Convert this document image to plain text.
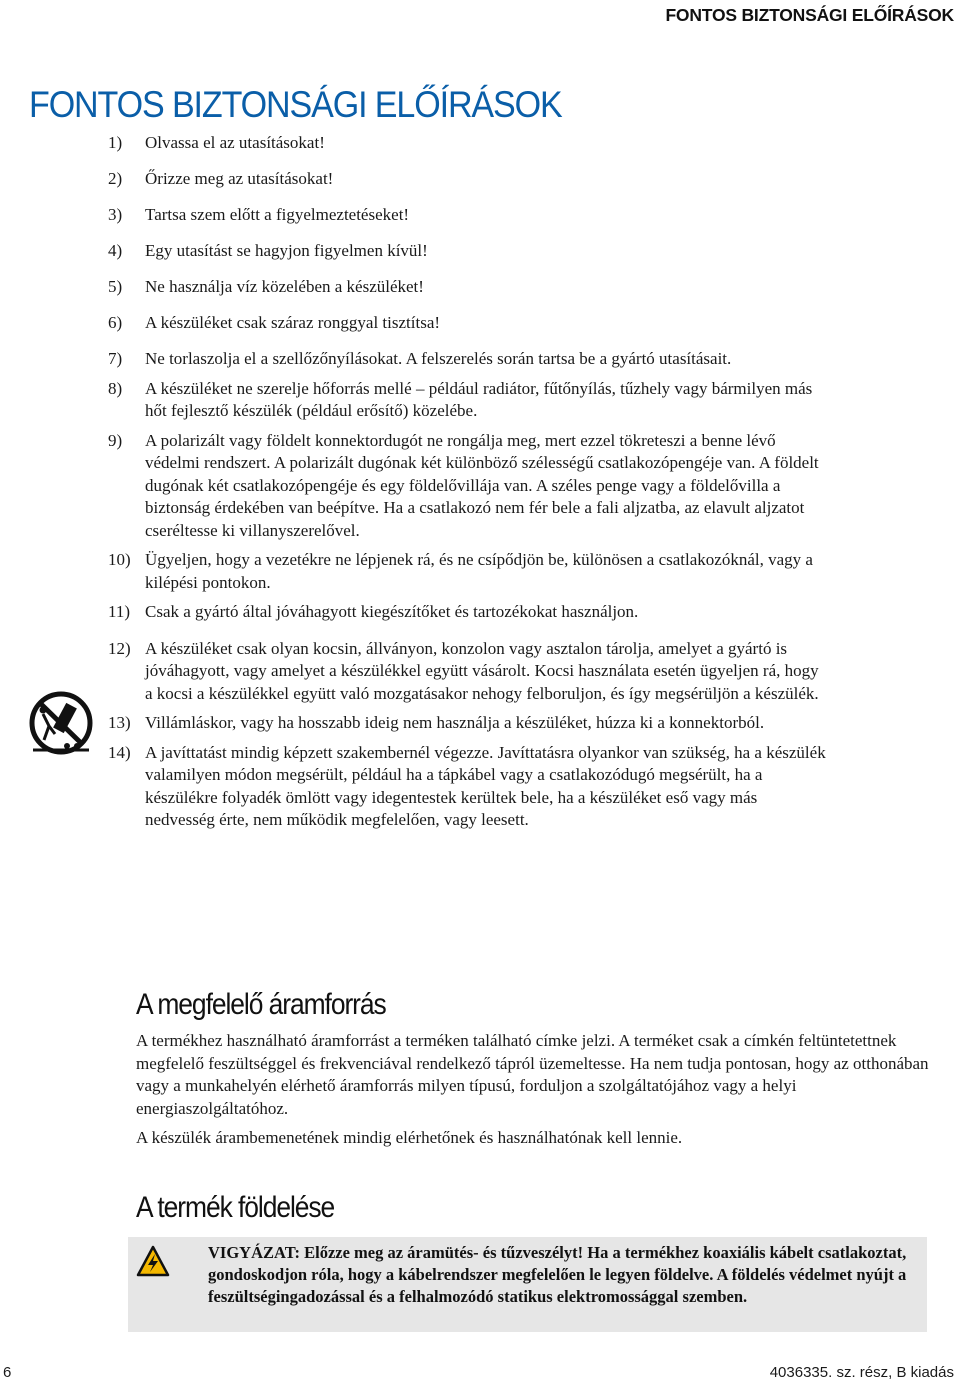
FONTOS BIZTONSÁGI ELŐÍRÁSOK
FONTOS BIZTONSÁGI ELŐÍRÁSOK
1) Olvassa el az utasításokat!
2) Őrizze meg az utasításokat!
3) Tartsa szem előtt a figyelmeztetéseket!
4) Egy utasítást se hagyjon figyelmen kívül!
5) Ne használja víz közelében a készüléket!
6) A készüléket csak száraz ronggyal tisztítsa!
7) Ne torlaszolja el a szellőzőnyílásokat. A felszerelés során tartsa be a gyártó utasításait.
8) A készüléket ne szerelje hőforrás mellé – például radiátor, fűtőnyílás, tűzhely vagy bármilyen más hőt fejlesztő készülék (például erősítő) közelébe.
9) A polarizált vagy földelt konnektordugót ne rongálja meg, mert ezzel tökreteszi a benne lévő védelmi rendszert. A polarizált dugónak két különböző szélességű csatlakozópengéje van. A földelt dugónak két csatlakozópengéje és egy földelővillája van. A széles penge vagy a földelővilla a biztonság érdekében van beépítve. Ha a csatlakozó nem fér bele a fali aljzatba, az elavult aljzatot cseréltesse ki villanyszerelővel.
10) Ügyeljen, hogy a vezetékre ne lépjenek rá, és ne csípődjön be, különösen a csatlakozóknál, vagy a kilépési pontokon.
11) Csak a gyártó által jóváhagyott kiegészítőket és tartozékokat használjon.
12) A készüléket csak olyan kocsin, állványon, konzolon vagy asztalon tárolja, amelyet a gyártó is jóváhagyott, vagy amelyet a készülékkel együtt vásárolt. Kocsi használata esetén ügyeljen rá, hogy a kocsi a készülékkel együtt való mozgatásakor nehogy felboruljon, és így megsérüljön a készülék.
13) Villámláskor, vagy ha hosszabb ideig nem használja a készüléket, húzza ki a konnektorból.
14) A javíttatást mindig képzett szakembernél végezze. Javíttatásra olyankor van szükség, ha a készülék valamilyen módon megsérült, például ha a tápkábel vagy a csatlakozódugó megsérült, ha a készülékre folyadék ömlött vagy idegentestek kerültek bele, ha a készüléket eső vagy más nedvesség érte, nem működik megfelelően, vagy leesett.
A megfelelő áramforrás

A termékhez használható áramforrást a terméken található címke jelzi. A terméket csak a címkén feltüntetettnek megfelelő feszültséggel és frekvenciával rendelkező tápról üzemeltesse. Ha nem tudja pontosan, hogy az otthonában vagy a munkahelyén elérhető áramforrás milyen típusú, forduljon a szolgáltatójához vagy a helyi energiaszolgáltatóhoz.

A készülék árambemenetének mindig elérhetőnek és használhatónak kell lennie.

A termék földelése
VIGYÁZAT: Előzze meg az áramütés- és tűzveszélyt! Ha a termékhez koaxiális kábelt csatlakoztat, gondoskodjon róla, hogy a kábelrendszer megfelelően le legyen földelve. A földelés védelmet nyújt a feszültségingadozással és a felhalmozódó statikus elektromossággal szemben.
6	4036335. sz. rész, B kiadás
